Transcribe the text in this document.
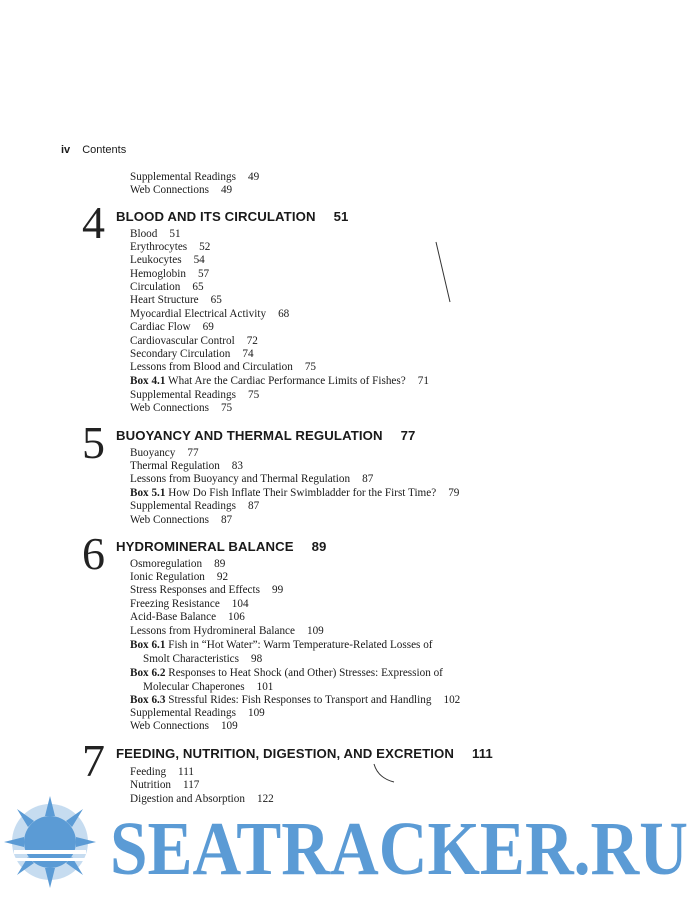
iv Contents
Supplemental Readings 49
Web Connections 49
4 BLOOD AND ITS CIRCULATION 51
Blood 51
Erythrocytes 52
Leukocytes 54
Hemoglobin 57
Circulation 65
Heart Structure 65
Myocardial Electrical Activity 68
Cardiac Flow 69
Cardiovascular Control 72
Secondary Circulation 74
Lessons from Blood and Circulation 75
Box 4.1 What Are the Cardiac Performance Limits of Fishes? 71
Supplemental Readings 75
Web Connections 75
5 BUOYANCY AND THERMAL REGULATION 77
Buoyancy 77
Thermal Regulation 83
Lessons from Buoyancy and Thermal Regulation 87
Box 5.1 How Do Fish Inflate Their Swimbladder for the First Time? 79
Supplemental Readings 87
Web Connections 87
6 HYDROMINERAL BALANCE 89
Osmoregulation 89
Ionic Regulation 92
Stress Responses and Effects 99
Freezing Resistance 104
Acid-Base Balance 106
Lessons from Hydromineral Balance 109
Box 6.1 Fish in “Hot Water”: Warm Temperature-Related Losses of
Smolt Characteristics 98
Box 6.2 Responses to Heat Shock (and Other) Stresses: Expression of
Molecular Chaperones 101
Box 6.3 Stressful Rides: Fish Responses to Transport and Handling 102
Supplemental Readings 109
Web Connections 109
7 FEEDING, NUTRITION, DIGESTION, AND EXCRETION 111
Feeding 111
Nutrition 117
Digestion and Absorption 122
SEATRACKER.RU
